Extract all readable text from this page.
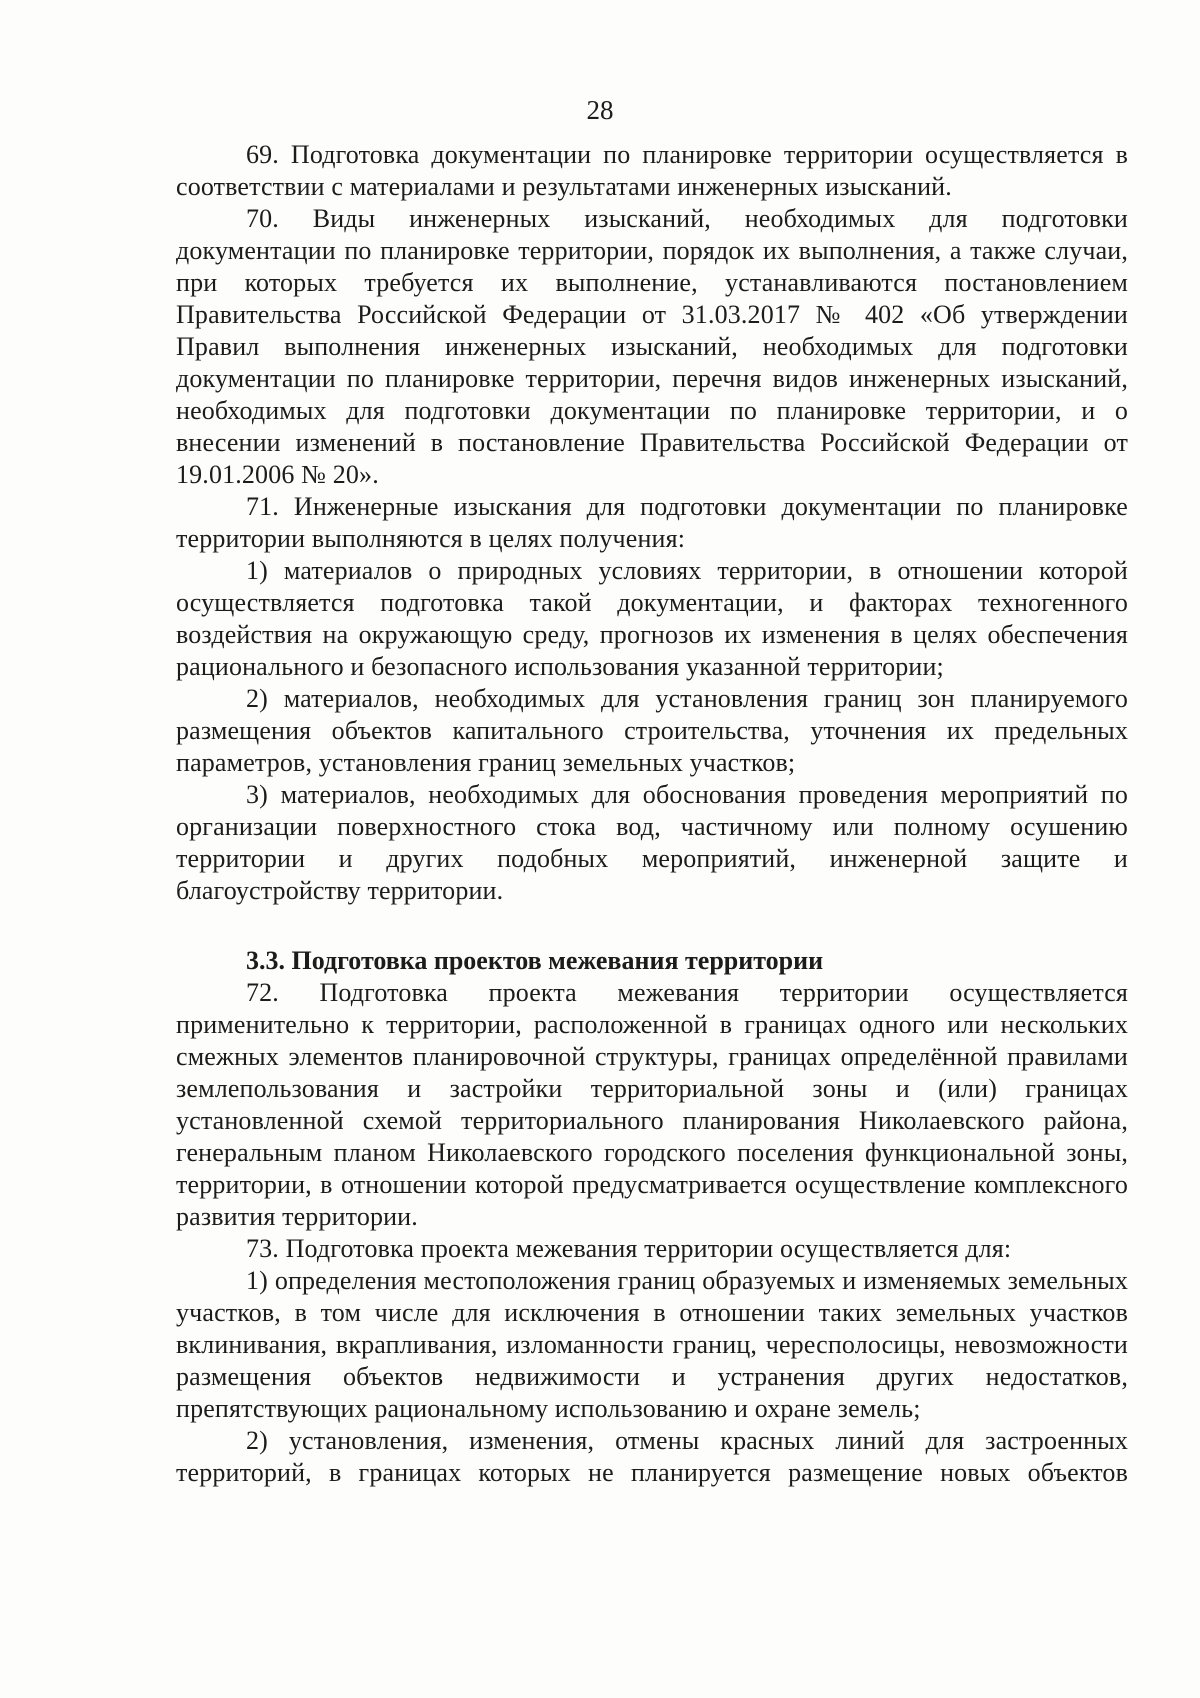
28

69. Подготовка документации по планировке территории осуществляется в соответствии с материалами и результатами инженерных изысканий.

70. Виды инженерных изысканий, необходимых для подготовки документации по планировке территории, порядок их выполнения, а также случаи, при которых требуется их выполнение, устанавливаются постановлением Правительства Российской Федерации от 31.03.2017 № 402 «Об утверждении Правил выполнения инженерных изысканий, необходимых для подготовки документации по планировке территории, перечня видов инженерных изысканий, необходимых для подготовки документации по планировке территории, и о внесении изменений в постановление Правительства Российской Федерации от 19.01.2006 № 20».

71. Инженерные изыскания для подготовки документации по планировке территории выполняются в целях получения:

1) материалов о природных условиях территории, в отношении которой осуществляется подготовка такой документации, и факторах техногенного воздействия на окружающую среду, прогнозов их изменения в целях обеспечения рационального и безопасного использования указанной территории;

2) материалов, необходимых для установления границ зон планируемого размещения объектов капитального строительства, уточнения их предельных параметров, установления границ земельных участков;

3) материалов, необходимых для обоснования проведения мероприятий по организации поверхностного стока вод, частичному или полному осушению территории и других подобных мероприятий, инженерной защите и благоустройству территории.

3.3. Подготовка проектов межевания территории

72. Подготовка проекта межевания территории осуществляется применительно к территории, расположенной в границах одного или нескольких смежных элементов планировочной структуры, границах определённой правилами землепользования и застройки территориальной зоны и (или) границах установленной схемой территориального планирования Николаевского района, генеральным планом Николаевского городского поселения функциональной зоны, территории, в отношении которой предусматривается осуществление комплексного развития территории.

73. Подготовка проекта межевания территории осуществляется для:

1) определения местоположения границ образуемых и изменяемых земельных участков, в том числе для исключения в отношении таких земельных участков вклинивания, вкрапливания, изломанности границ, чересполосицы, невозможности размещения объектов недвижимости и устранения других недостатков, препятствующих рациональному использованию и охране земель;

2) установления, изменения, отмены красных линий для застроенных территорий, в границах которых не планируется размещение новых объектов
